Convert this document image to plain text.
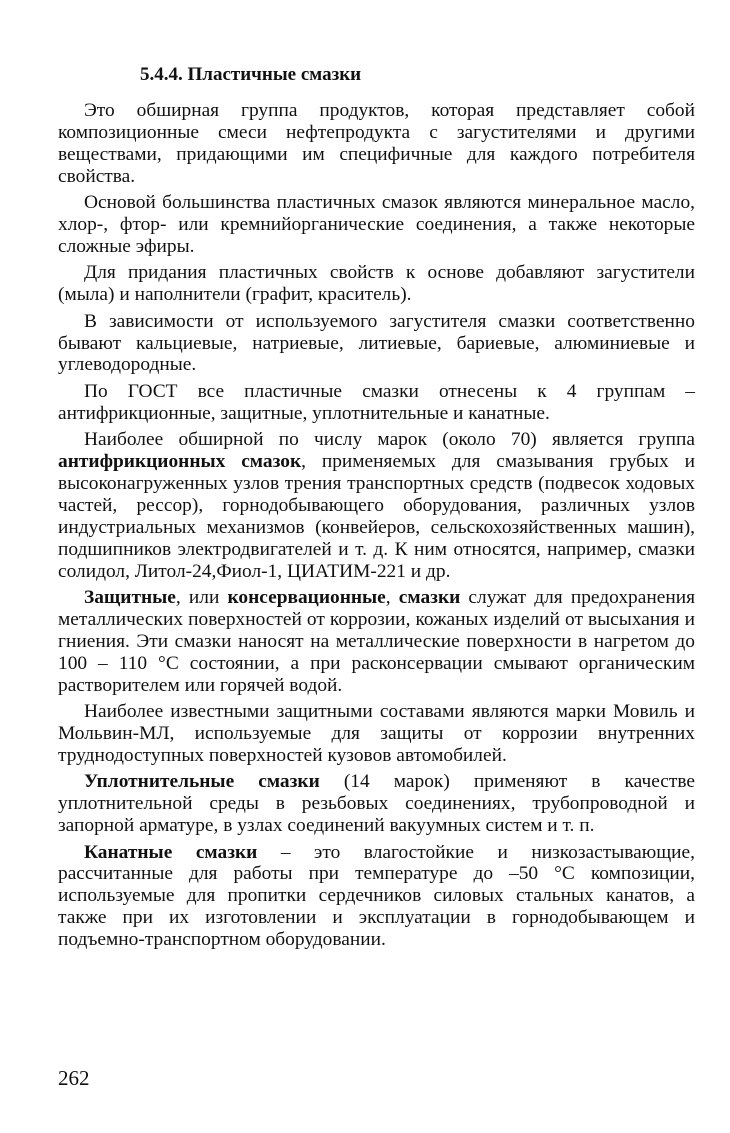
5.4.4. Пластичные смазки

Это обширная группа продуктов, которая представляет собой композиционные смеси нефтепродукта с загустителями и другими веществами, придающими им специфичные для каждого потребителя свойства.

Основой большинства пластичных смазок являются минеральное масло, хлор-, фтор- или кремнийорганические соединения, а также некоторые сложные эфиры.

Для придания пластичных свойств к основе добавляют загустители (мыла) и наполнители (графит, краситель).

В зависимости от используемого загустителя смазки соответственно бывают кальциевые, натриевые, литиевые, бариевые, алюминиевые и углеводородные.

По ГОСТ все пластичные смазки отнесены к 4 группам – антифрикционные, защитные, уплотнительные и канатные.

Наиболее обширной по числу марок (около 70) является группа антифрикционных смазок, применяемых для смазывания грубых и высоконагруженных узлов трения транспортных средств (подвесок ходовых частей, рессор), горнодобывающего оборудования, различных узлов индустриальных механизмов (конвейеров, сельскохозяйственных машин), подшипников электродвигателей и т. д. К ним относятся, например, смазки солидол, Литол-24,Фиол-1, ЦИАТИМ-221 и др.

Защитные, или консервационные, смазки служат для предохранения металлических поверхностей от коррозии, кожаных изделий от высыхания и гниения. Эти смазки наносят на металлические поверхности в нагретом до 100 – 110 °С состоянии, а при расконсервации смывают органическим растворителем или горячей водой.

Наиболее известными защитными составами являются марки Мовиль и Мольвин-МЛ, используемые для защиты от коррозии внутренних труднодоступных поверхностей кузовов автомобилей.

Уплотнительные смазки (14 марок) применяют в качестве уплотнительной среды в резьбовых соединениях, трубопроводной и запорной арматуре, в узлах соединений вакуумных систем и т. п.

Канатные смазки – это влагостойкие и низкозастывающие, рассчитанные для работы при температуре до –50 °С композиции, используемые для пропитки сердечников силовых стальных канатов, а также при их изготовлении и эксплуатации в горнодобывающем и подъемно-транспортном оборудовании.

262
